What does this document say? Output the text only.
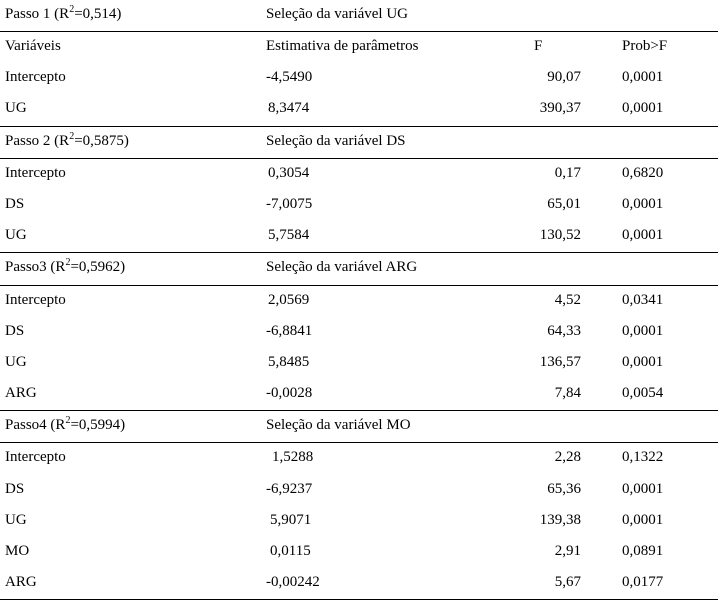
Passo 1 $(R^2=0,514)$	Seleção da variável UG
Variáveis	Estimativa de parâmetros	F	Prob>F
Intercepto	-4,5490	90,07	0,0001
UG	8,3474	390,37	0,0001
Passo 2 $(R^2=0,5875)$	Seleção da variável DS
Intercepto	0,3054	0,17	0,6820
DS	-7,0075	65,01	0,0001
UG	5,7584	130,52	0,0001
Passo3 $(R^2=0,5962)$	Seleção da variável ARG
Intercepto	2,0569	4,52	0,0341
DS	-6,8841	64,33	0,0001
UG	5,8485	136,57	0,0001
ARG	-0,0028	7,84	0,0054
Passo4 $(R^2=0,5994)$	Seleção da variável MO
Intercepto	1,5288	2,28	0,1322
DS	-6,9237	65,36	0,0001
UG	5,9071	139,38	0,0001
MO	0,0115	2,91	0,0891
ARG	-0,00242	5,67	0,0177
